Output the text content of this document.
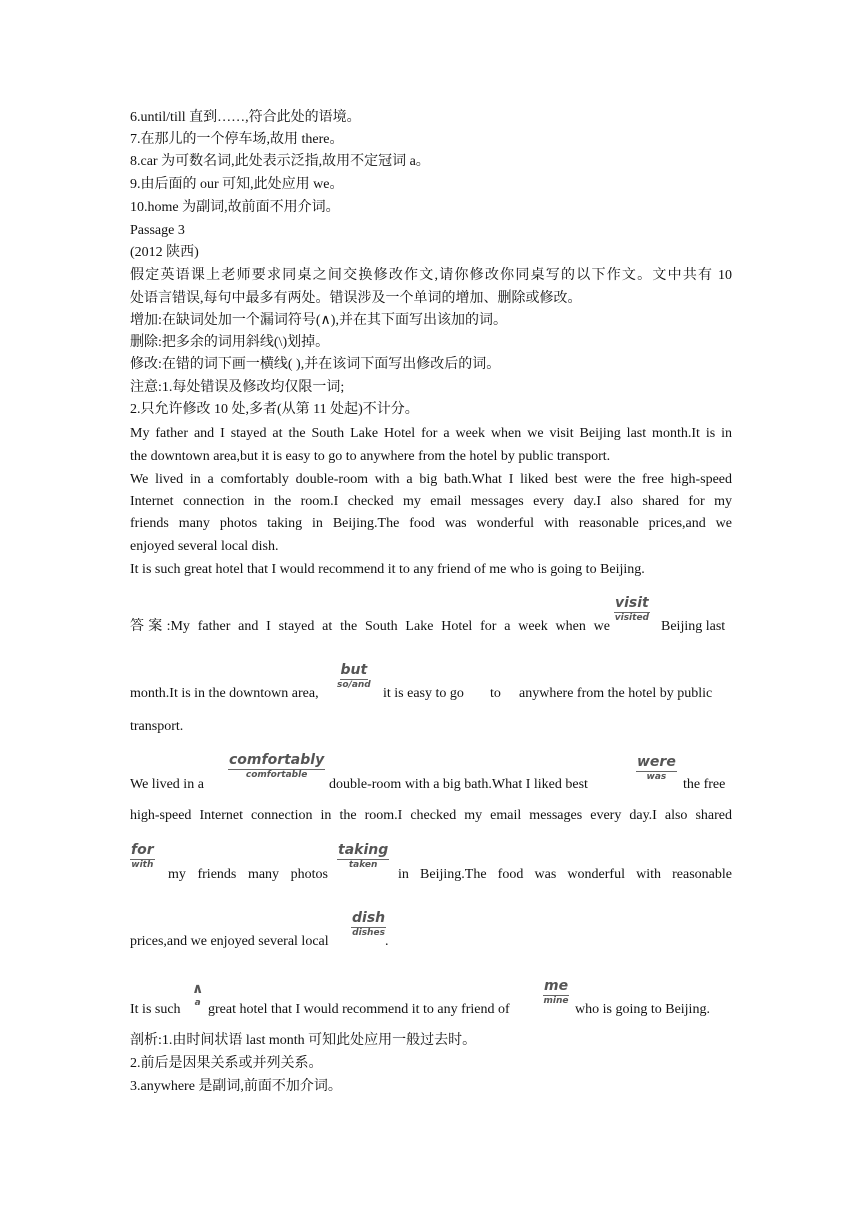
6.until/till 直到……,符合此处的语境。
7.在那儿的一个停车场,故用 there。
8.car 为可数名词,此处表示泛指,故用不定冠词 a。
9.由后面的 our 可知,此处应用 we。
10.home 为副词,故前面不用介词。
Passage 3
(2012 陕西)
假定英语课上老师要求同桌之间交换修改作文,请你修改你同桌写的以下作文。文中共有 10
处语言错误,每句中最多有两处。错误涉及一个单词的增加、删除或修改。
增加:在缺词处加一个漏词符号(∧),并在其下面写出该加的词。
删除:把多余的词用斜线(\)划掉。
修改:在错的词下画一横线( ),并在该词下面写出修改后的词。
注意:1.每处错误及修改均仅限一词;
2.只允许修改 10 处,多者(从第 11 处起)不计分。
My father and I stayed at the South Lake Hotel for a week when we visit Beijing last month.It is in
the downtown area,but it is easy to go to anywhere from the hotel by public transport.
We lived in a comfortably double-room with a big bath.What I liked best were the free high-speed
Internet connection in the room.I checked my email messages every day.I also shared for my
friends many photos taking in Beijing.The food was wonderful with reasonable prices,and we
enjoyed several local dish.
It is such great hotel that I would recommend it to any friend of me who is going to Beijing.
答案:My father and I stayed at the South Lake Hotel for a week when we
visit
visited
Beijing last
month.It is in the downtown area,
but
so/and
it is easy to go to anywhere from the hotel by public
transport.
We lived in a
comfortably
comfortable
double-room with a big bath.What I liked best
were
was the free
high-speed Internet connection in the room.I checked my email messages every day.I also shared
for
with
my friends many photos
taking
taken
in Beijing.The food was wonderful with reasonable
prices,and we enjoyed several local
dish
dishes
.
It is such
∧
a great hotel that I would recommend it to any friend of
me
mine
who is going to Beijing.
剖析:1.由时间状语 last month 可知此处应用一般过去时。
2.前后是因果关系或并列关系。
3.anywhere 是副词,前面不加介词。
